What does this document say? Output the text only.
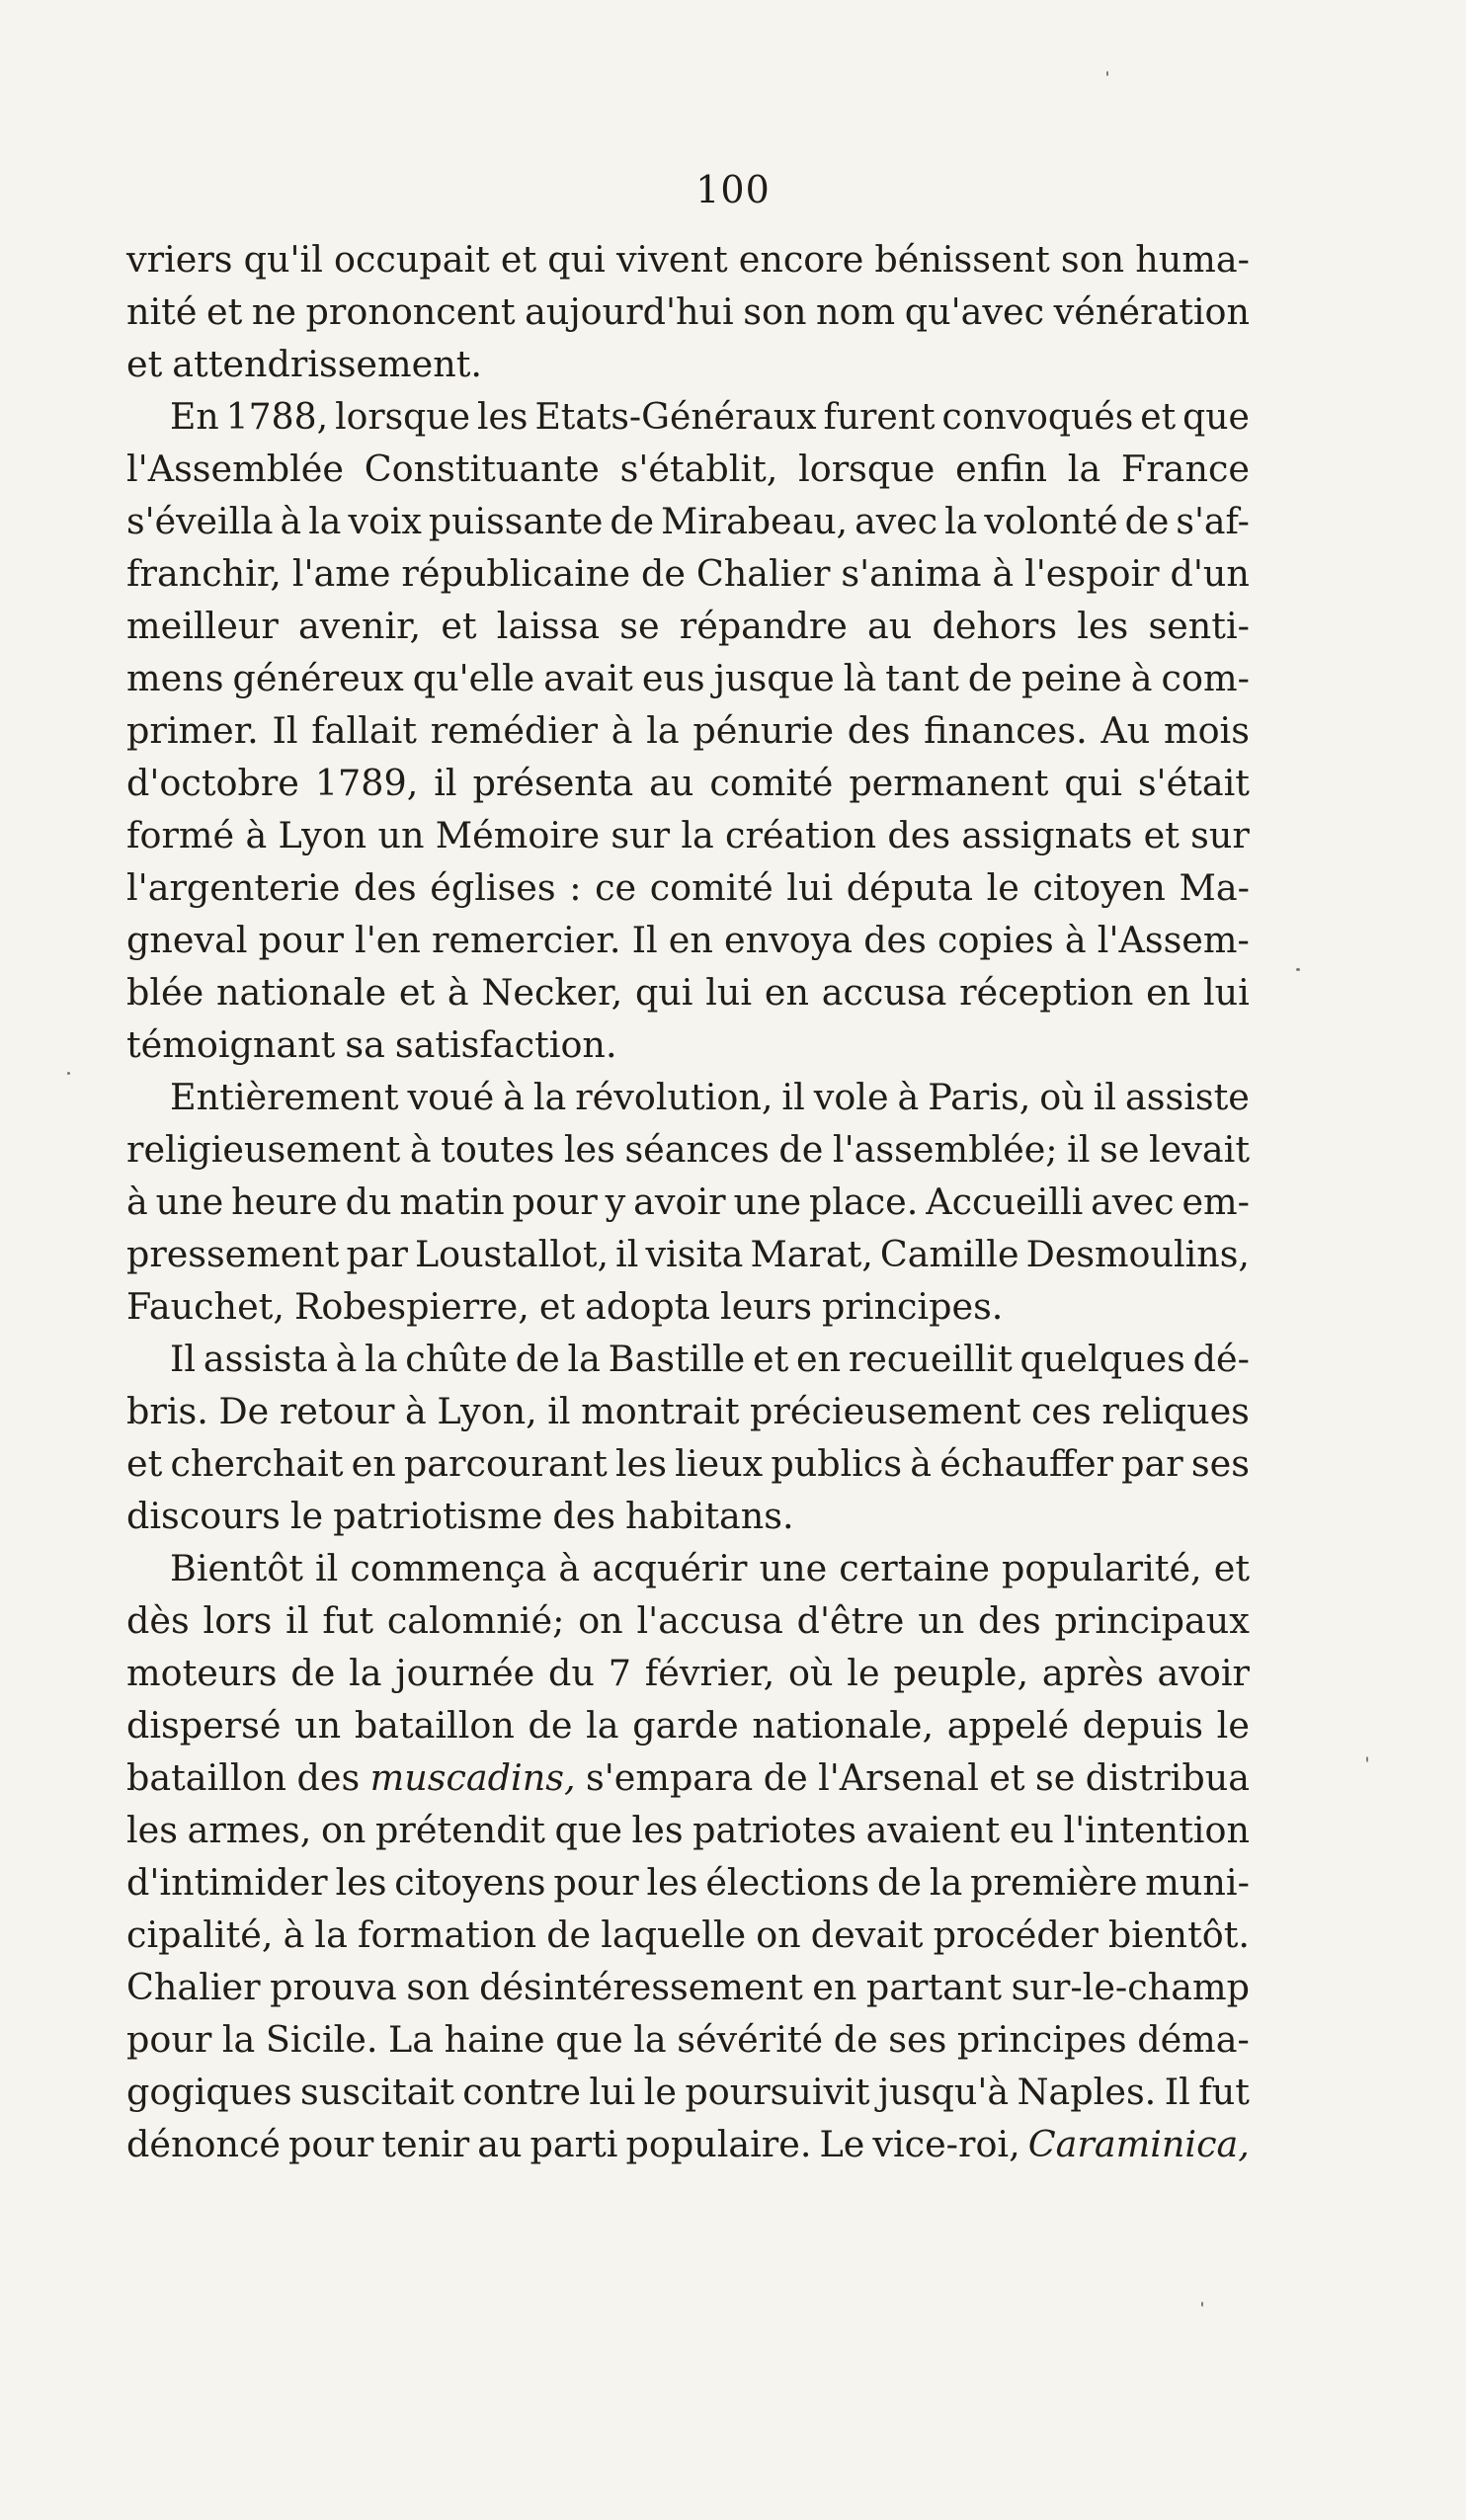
100
vriers qu'il occupait et qui vivent encore bénissent son huma-
nité et ne prononcent aujourd'hui son nom qu'avec vénération
et attendrissement.
En 1788, lorsque les Etats-Généraux furent convoqués et que
l'Assemblée Constituante s'établit, lorsque enfin la France
s'éveilla à la voix puissante de Mirabeau, avec la volonté de s'af-
franchir, l'ame républicaine de Chalier s'anima à l'espoir d'un
meilleur avenir, et laissa se répandre au dehors les senti-
mens généreux qu'elle avait eus jusque là tant de peine à com-
primer. Il fallait remédier à la pénurie des finances. Au mois
d'octobre 1789, il présenta au comité permanent qui s'était
formé à Lyon un Mémoire sur la création des assignats et sur
l'argenterie des églises : ce comité lui députa le citoyen Ma-
gneval pour l'en remercier. Il en envoya des copies à l'Assem-
blée nationale et à Necker, qui lui en accusa réception en lui
témoignant sa satisfaction.
Entièrement voué à la révolution, il vole à Paris, où il assiste
religieusement à toutes les séances de l'assemblée; il se levait
à une heure du matin pour y avoir une place. Accueilli avec em-
pressement par Loustallot, il visita Marat, Camille Desmoulins,
Fauchet, Robespierre, et adopta leurs principes.
Il assista à la chûte de la Bastille et en recueillit quelques dé-
bris. De retour à Lyon, il montrait précieusement ces reliques
et cherchait en parcourant les lieux publics à échauffer par ses
discours le patriotisme des habitans.
Bientôt il commença à acquérir une certaine popularité, et
dès lors il fut calomnié; on l'accusa d'être un des principaux
moteurs de la journée du 7 février, où le peuple, après avoir
dispersé un bataillon de la garde nationale, appelé depuis le
bataillon des muscadins, s'empara de l'Arsenal et se distribua
les armes, on prétendit que les patriotes avaient eu l'intention
d'intimider les citoyens pour les élections de la première muni-
cipalité, à la formation de laquelle on devait procéder bientôt.
Chalier prouva son désintéressement en partant sur-le-champ
pour la Sicile. La haine que la sévérité de ses principes déma-
gogiques suscitait contre lui le poursuivit jusqu'à Naples. Il fut
dénoncé pour tenir au parti populaire. Le vice-roi, Caraminica,
